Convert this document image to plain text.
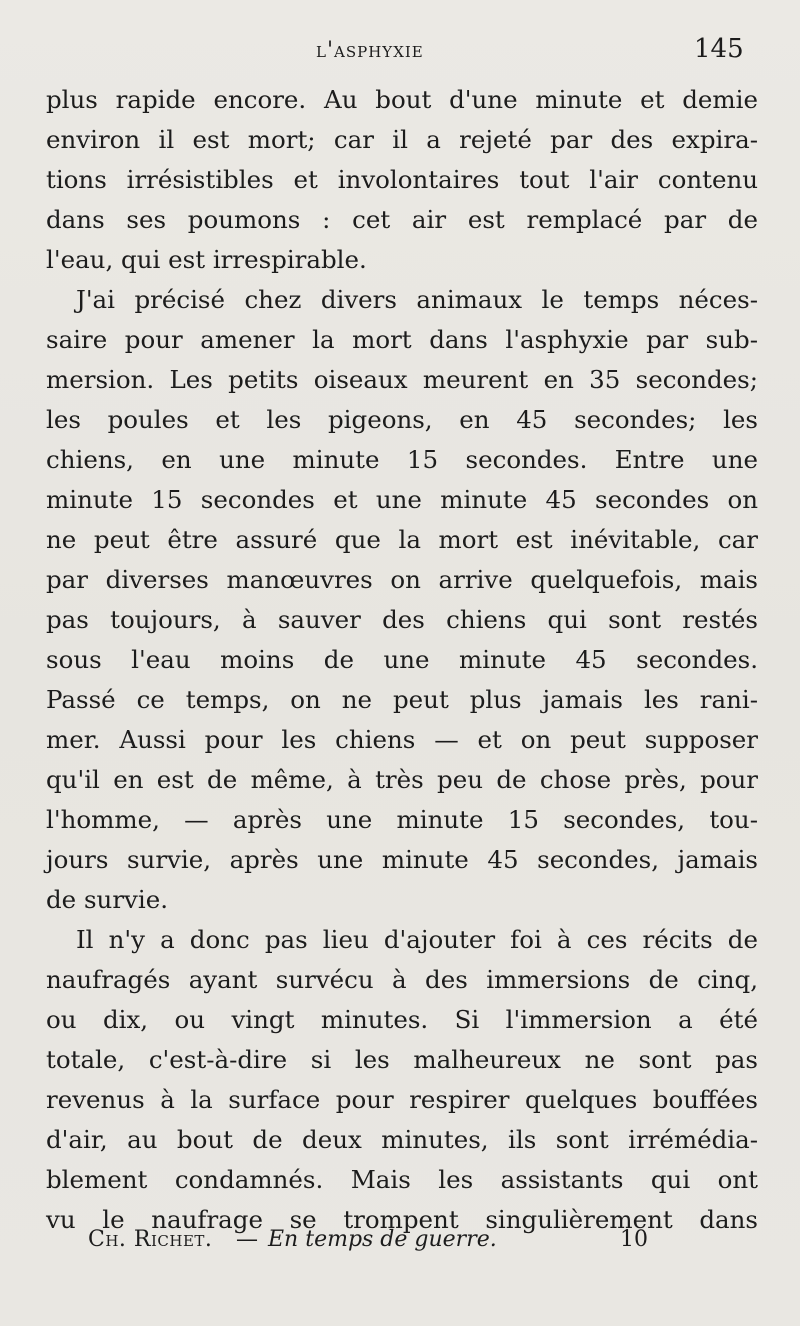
l'asphyxie	145
plus rapide encore. Au bout d'une minute et demie
environ il est mort; car il a rejeté par des expira-
tions irrésistibles et involontaires tout l'air contenu
dans ses poumons : cet air est remplacé par de
l'eau, qui est irrespirable.
J'ai précisé chez divers animaux le temps néces-
saire pour amener la mort dans l'asphyxie par sub-
mersion. Les petits oiseaux meurent en 35 secondes;
les poules et les pigeons, en 45 secondes; les
chiens, en une minute 15 secondes. Entre une
minute 15 secondes et une minute 45 secondes on
ne peut être assuré que la mort est inévitable, car
par diverses manœuvres on arrive quelquefois, mais
pas toujours, à sauver des chiens qui sont restés
sous l'eau moins de une minute 45 secondes.
Passé ce temps, on ne peut plus jamais les rani-
mer. Aussi pour les chiens — et on peut supposer
qu'il en est de même, à très peu de chose près, pour
l'homme, — après une minute 15 secondes, tou-
jours survie, après une minute 45 secondes, jamais
de survie.
Il n'y a donc pas lieu d'ajouter foi à ces récits de
naufragés ayant survécu à des immersions de cinq,
ou dix, ou vingt minutes. Si l'immersion a été
totale, c'est-à-dire si les malheureux ne sont pas
revenus à la surface pour respirer quelques bouffées
d'air, au bout de deux minutes, ils sont irrémédia-
blement condamnés. Mais les assistants qui ont
vu le naufrage se trompent singulièrement dans
Ch. Richet. — En temps de guerre.	10
